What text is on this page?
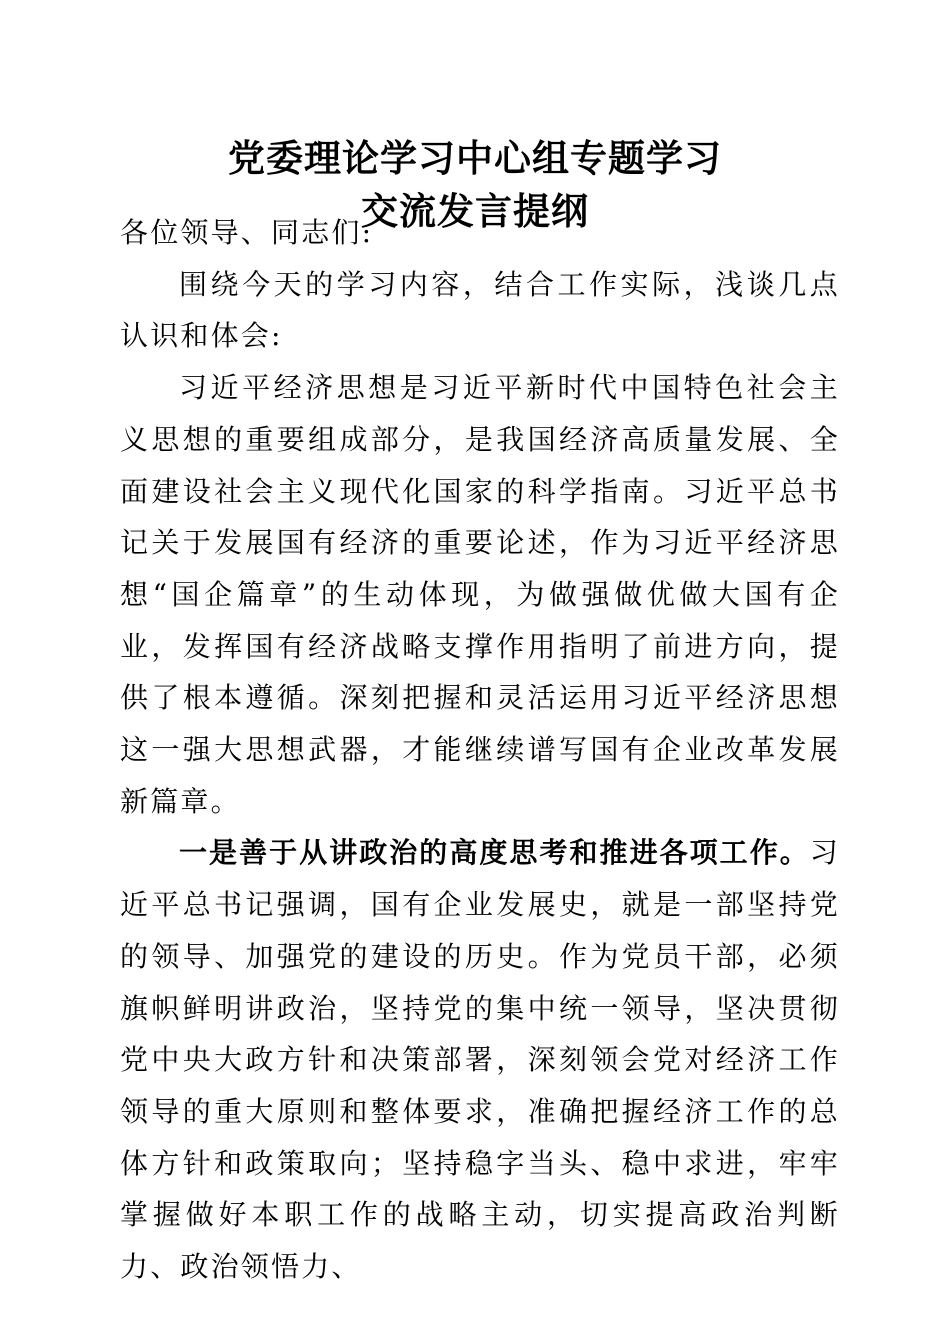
党委理论学习中心组专题学习
交流发言提纲

各位领导、同志们:

围绕今天的学习内容，结合工作实际，浅谈几点认识和体会:

习近平经济思想是习近平新时代中国特色社会主义思想的重要组成部分，是我国经济高质量发展、全面建设社会主义现代化国家的科学指南。习近平总书记关于发展国有经济的重要论述，作为习近平经济思想“国企篇章”的生动体现，为做强做优做大国有企业，发挥国有经济战略支撑作用指明了前进方向，提供了根本遵循。深刻把握和灵活运用习近平经济思想这一强大思想武器，才能继续谱写国有企业改革发展新篇章。

一是善于从讲政治的高度思考和推进各项工作。习近平总书记强调，国有企业发展史，就是一部坚持党的领导、加强党的建设的历史。作为党员干部，必须旗帜鲜明讲政治，坚持党的集中统一领导，坚决贯彻党中央大政方针和决策部署，深刻领会党对经济工作领导的重大原则和整体要求，准确把握经济工作的总体方针和政策取向；坚持稳字当头、稳中求进，牢牢掌握做好本职工作的战略主动，切实提高政治判断力、政治领悟力、
